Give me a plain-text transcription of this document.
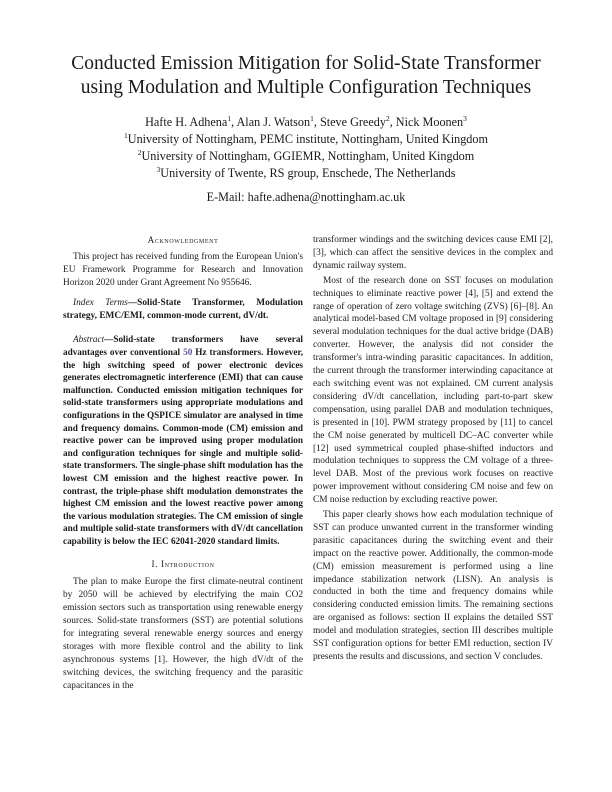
Conducted Emission Mitigation for Solid-State Transformer
using Modulation and Multiple Configuration Techniques
Hafte H. Adhena$^1$, Alan J. Watson$^1$, Steve Greedy$^2$, Nick Moonen$^3$
$^1$University of Nottingham, PEMC institute, Nottingham, United Kingdom
$^2$University of Nottingham, GGIEMR, Nottingham, United Kingdom
$^3$University of Twente, RS group, Enschede, The Netherlands
E-Mail: hafte.adhena@nottingham.ac.uk
Acknowledgment

This project has received funding from the European Union's EU Framework Programme for Research and Innovation Horizon 2020 under Grant Agreement No 955646.

Index Terms—Solid-State Transformer, Modulation strategy, EMC/EMI, common-mode current, dV/dt.

Abstract—Solid-state transformers have several advantages over conventional 50 Hz transformers. However, the high switching speed of power electronic devices generates electromagnetic interference (EMI) that can cause malfunction. Conducted emission mitigation techniques for solid-state transformers using appropriate modulations and configurations in the QSPICE simulator are analysed in time and frequency domains. Common-mode (CM) emission and reactive power can be improved using proper modulation and configuration techniques for single and multiple solid-state transformers. The single-phase shift modulation has the lowest CM emission and the highest reactive power. In contrast, the triple-phase shift modulation demonstrates the highest CM emission and the lowest reactive power among the various modulation strategies. The CM emission of single and multiple solid-state transformers with dV/dt cancellation capability is below the IEC 62041-2020 standard limits.

I. Introduction

The plan to make Europe the first climate-neutral continent by 2050 will be achieved by electrifying the main CO2 emission sectors such as transportation using renewable energy sources. Solid-state transformers (SST) are potential solutions for integrating several renewable energy sources and energy storages with more flexible control and the ability to link asynchronous systems [1]. However, the high dV/dt of the switching devices, the switching frequency and the parasitic capacitances in the

transformer windings and the switching devices cause EMI [2], [3], which can affect the sensitive devices in the complex and dynamic railway system.

Most of the research done on SST focuses on modulation techniques to eliminate reactive power [4], [5] and extend the range of operation of zero voltage switching (ZVS) [6]–[8]. An analytical model-based CM voltage proposed in [9] considering several modulation techniques for the dual active bridge (DAB) converter. However, the analysis did not consider the transformer's intra-winding parasitic capacitances. In addition, the current through the transformer interwinding capacitance at each switching event was not explained. CM current analysis considering dV/dt cancellation, including part-to-part skew compensation, using parallel DAB and modulation techniques, is presented in [10]. PWM strategy proposed by [11] to cancel the CM noise generated by multicell DC–AC converter while [12] used symmetrical coupled phase-shifted inductors and modulation techniques to suppress the CM voltage of a three-level DAB. Most of the previous work focuses on reactive power improvement without considering CM noise and few on CM noise reduction by excluding reactive power.

This paper clearly shows how each modulation technique of SST can produce unwanted current in the transformer winding parasitic capacitances during the switching event and their impact on the reactive power. Additionally, the common-mode (CM) emission measurement is performed using a line impedance stabilization network (LISN). An analysis is conducted in both the time and frequency domains while considering conducted emission limits. The remaining sections are organised as follows: section II explains the detailed SST model and modulation strategies, section III describes multiple SST configuration options for better EMI reduction, section IV presents the results and discussions, and section V concludes.
